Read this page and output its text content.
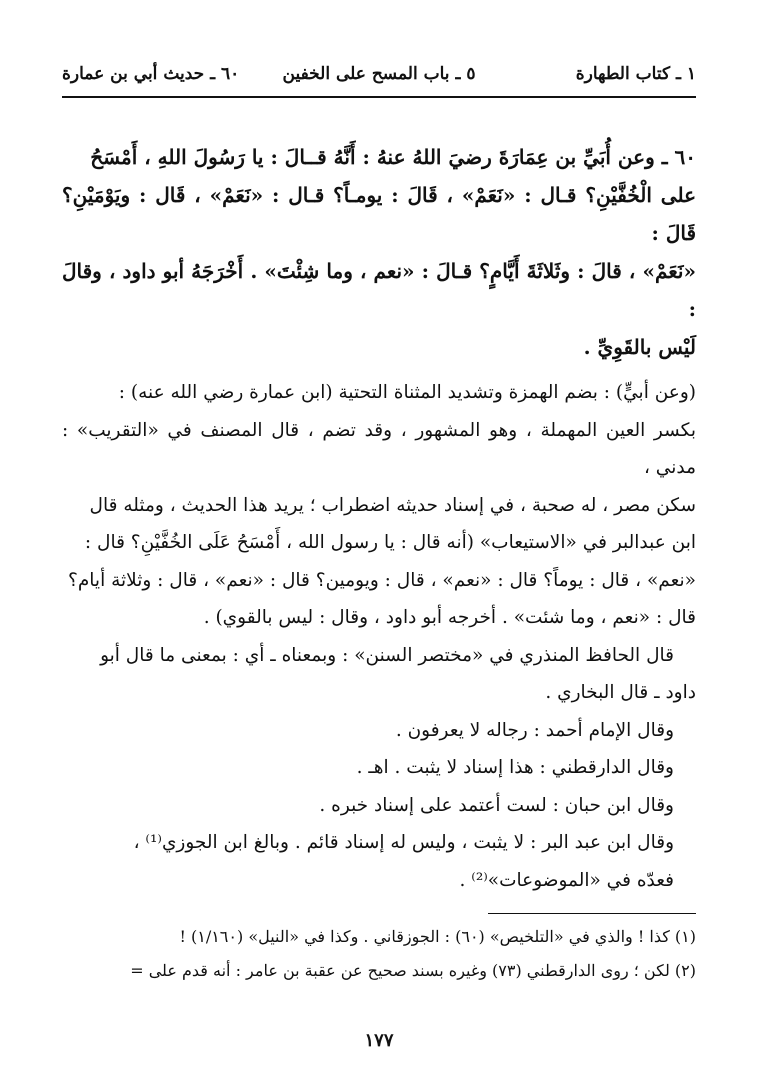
١ ـ كتاب الطهارة
٥ ـ باب المسح على الخفين
٦٠ ـ حديث أبي بن عمارة

٦٠ ـ وعن أُبَيِّ بن عِمَارَةَ رضيَ اللهُ عنهُ : أَنَّهُ قــالَ : يا رَسُولَ اللهِ ، أَمْسَحُ
على الْخُفَّيْنِ؟ قـال : «نَعَمْ» ، قَالَ : يومـاً؟ قـال : «نَعَمْ» ، قَال : ويَوْمَيْنِ؟ قَالَ :
«نَعَمْ» ، قالَ : وثَلاثَةَ أَيَّامٍ؟ قـالَ : «نعم ، وما شِئْتَ» . أَخْرَجَهُ أبو داود ، وقالَ :
لَيْس بالقَوِيِّ .

(وعن أبيٍّ) : بضم الهمزة وتشديد المثناة التحتية (ابن عمارة رضي الله عنه) :
بكسر العين المهملة ، وهو المشهور ، وقد تضم ، قال المصنف في «التقريب» : مدني ،
سكن مصر ، له صحبة ، في إسناد حديثه اضطراب ؛ يريد هذا الحديث ، ومثله قال
ابن عبدالبر في «الاستيعاب» (أنه قال : يا رسول الله ، أَمْسَحُ عَلَى الخُفَّيْنِ؟ قال :
«نعم» ، قال : يوماً؟ قال : «نعم» ، قال : ويومين؟ قال : «نعم» ، قال : وثلاثة أيام؟
قال : «نعم ، وما شئت» . أخرجه أبو داود ، وقال : ليس بالقوي) .

قال الحافظ المنذري في «مختصر السنن» : وبمعناه ـ أي : بمعنى ما قال أبو
داود ـ قال البخاري .

وقال الإمام أحمد : رجاله لا يعرفون .

وقال الدارقطني : هذا إسناد لا يثبت . اهـ .

وقال ابن حبان : لست أعتمد على إسناد خبره .

وقال ابن عبد البر : لا يثبت ، وليس له إسناد قائم . وبالغ ابن الجوزي⁽¹⁾ ،
فعدّه في «الموضوعات»⁽²⁾ .

(١) كذا ! والذي في «التلخيص» (٦٠) : الجوزقاني . وكذا في «النيل» (١/١٦٠) !
(٢) لكن ؛ روى الدارقطني (٧٣) وغيره بسند صحيح عن عقبة بن عامر : أنه قدم على =
١٧٧
